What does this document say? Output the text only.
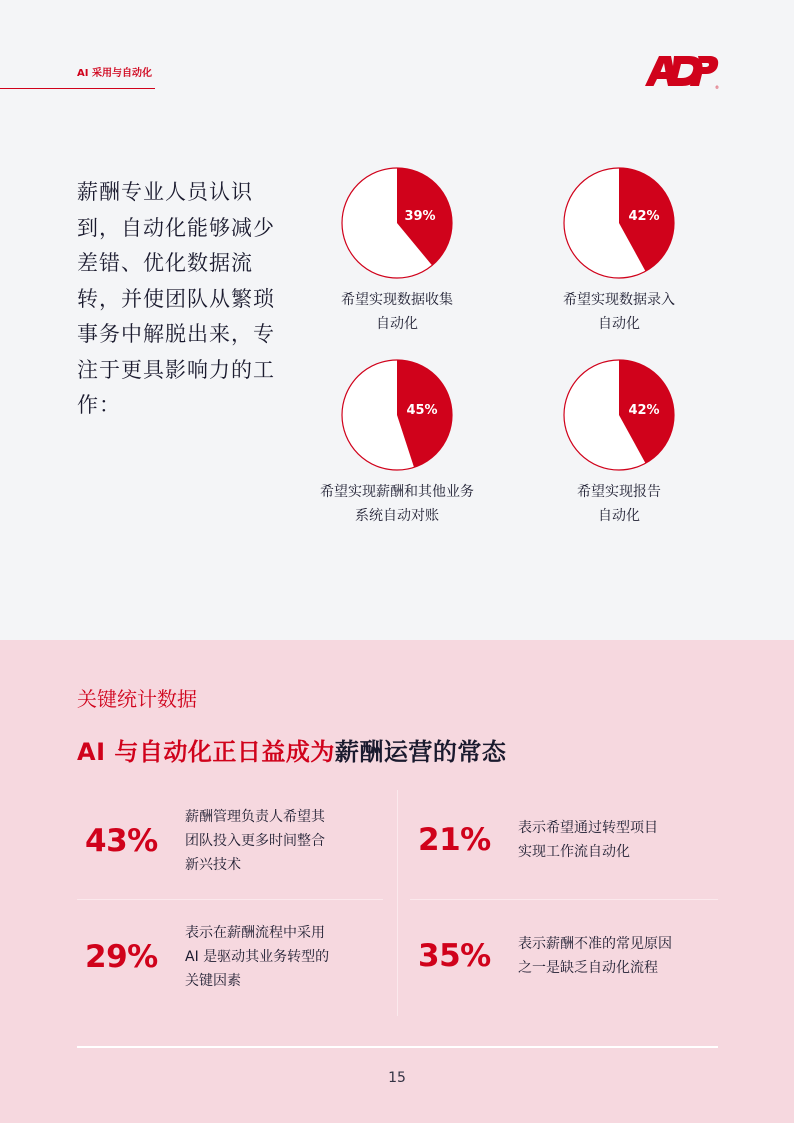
AI 采用与自动化
®
薪酬专业人员认识到，自动化能够减少差错、优化数据流转，并使团队从繁琐事务中解脱出来，专注于更具影响力的工作：
39%
希望实现数据收集
自动化
42%
希望实现数据录入
自动化
45%
希望实现薪酬和其他业务
系统自动对账
42%
希望实现报告
自动化
关键统计数据
AI 与自动化正日益成为薪酬运营的常态
43%
薪酬管理负责人希望其
团队投入更多时间整合
新兴技术
21%	表示希望通过转型项目
实现工作流自动化
29%
表示在薪酬流程中采用
AI 是驱动其业务转型的
关键因素
35%	表示薪酬不准的常见原因
之一是缺乏自动化流程
15
